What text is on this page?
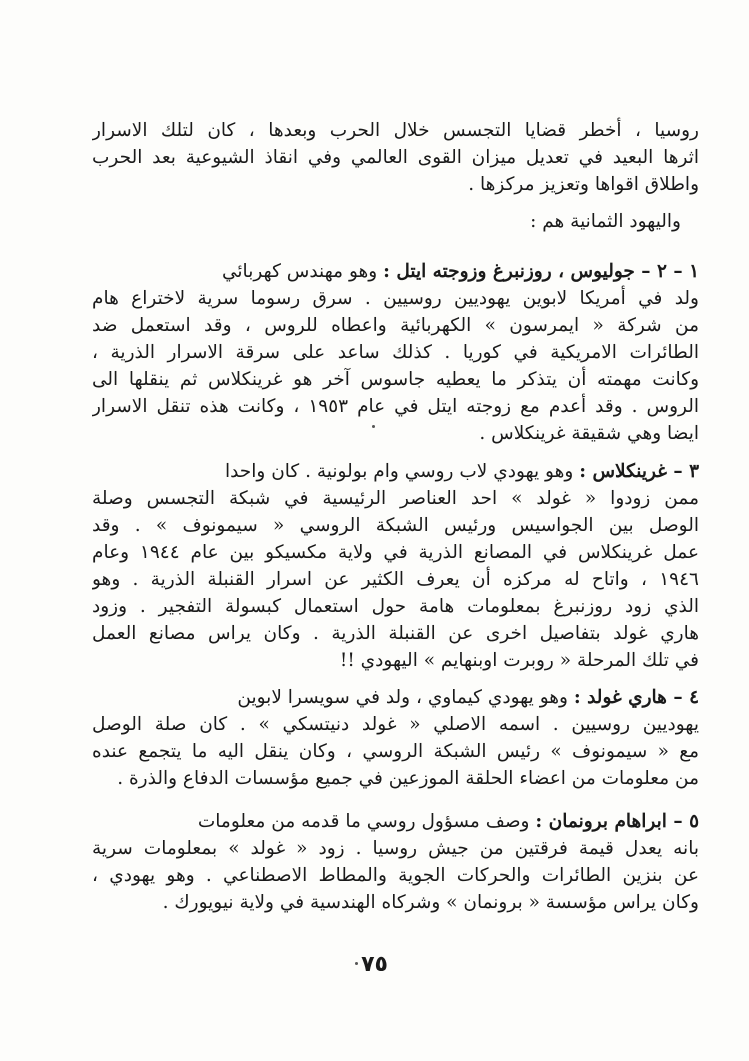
روسيا ، أخطر قضايا التجسس خلال الحرب وبعدها ، كان لتلك الاسرار
اثرها البعيد في تعديل ميزان القوى العالمي وفي انقاذ الشيوعية بعد الحرب
واطلاق اقواها وتعزيز مركزها .
واليهود الثمانية هم :
١ – ٢ – جوليوس ، روزنبرغ وزوجته ايتل : وهو مهندس كهربائي
ولد في أمريكا لابوين يهوديين روسيين . سرق رسوما سرية لاختراع هام
من شركة « ايمرسون » الكهربائية واعطاه للروس ، وقد استعمل ضد
الطائرات الامريكية في كوريا . كذلك ساعد على سرقة الاسرار الذرية ،
وكانت مهمته أن يتذكر ما يعطيه جاسوس آخر هو غرينكلاس ثم ينقلها الى
الروس . وقد أعدم مع زوجته ايتل في عام ١٩٥٣ ، وكانت هذه تنقل الاسرار
ايضا وهي شقيقة غرينكلاس .
٣ – غرينكلاس : وهو يهودي لاب روسي وام بولونية . كان واحدا
ممن زودوا « غولد » احد العناصر الرئيسية في شبكة التجسس وصلة
الوصل بين الجواسيس ورئيس الشبكة الروسي « سيمونوف » . وقد
عمل غرينكلاس في المصانع الذرية في ولاية مكسيكو بين عام ١٩٤٤ وعام
١٩٤٦ ، واتاح له مركزه أن يعرف الكثير عن اسرار القنبلة الذرية . وهو
الذي زود روزنبرغ بمعلومات هامة حول استعمال كبسولة التفجير . وزود
هاري غولد بتفاصيل اخرى عن القنبلة الذرية . وكان يراس مصانع العمل
في تلك المرحلة « روبرت اوبنهايم » اليهودي !!
٤ – هاري غولد : وهو يهودي كيماوي ، ولد في سويسرا لابوين
يهوديين روسيين . اسمه الاصلي « غولد دنيتسكي » . كان صلة الوصل
مع « سيمونوف » رئيس الشبكة الروسي ، وكان ينقل اليه ما يتجمع عنده
من معلومات من اعضاء الحلقة الموزعين في جميع مؤسسات الدفاع والذرة .
٥ – ابراهام برونمان : وصف مسؤول روسي ما قدمه من معلومات
بانه يعدل قيمة فرقتين من جيش روسيا . زود « غولد » بمعلومات سرية
عن بنزين الطائرات والحركات الجوية والمطاط الاصطناعي . وهو يهودي ،
وكان يراس مؤسسة « برونمان » وشركاه الهندسية في ولاية نيويورك .
٧٥
